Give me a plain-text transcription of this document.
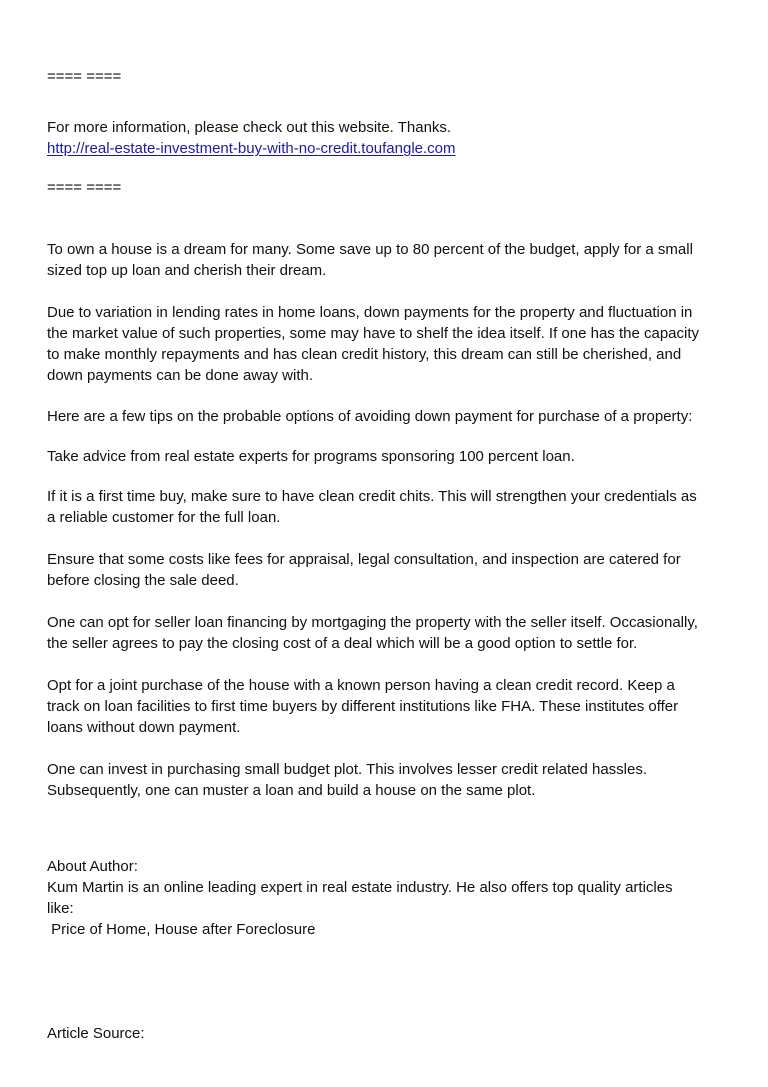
==== ====

For more information, please check out this website. Thanks.
http://real-estate-investment-buy-with-no-credit.toufangle.com

==== ====

To own a house is a dream for many. Some save up to 80 percent of the budget, apply for a small
sized top up loan and cherish their dream.

Due to variation in lending rates in home loans, down payments for the property and fluctuation in
the market value of such properties, some may have to shelf the idea itself. If one has the capacity
to make monthly repayments and has clean credit history, this dream can still be cherished, and
down payments can be done away with.

Here are a few tips on the probable options of avoiding down payment for purchase of a property:

Take advice from real estate experts for programs sponsoring 100 percent loan.

If it is a first time buy, make sure to have clean credit chits. This will strengthen your credentials as
a reliable customer for the full loan.

Ensure that some costs like fees for appraisal, legal consultation, and inspection are catered for
before closing the sale deed.

One can opt for seller loan financing by mortgaging the property with the seller itself. Occasionally,
the seller agrees to pay the closing cost of a deal which will be a good option to settle for.

Opt for a joint purchase of the house with a known person having a clean credit record. Keep a
track on loan facilities to first time buyers by different institutions like FHA. These institutes offer
loans without down payment.

One can invest in purchasing small budget plot. This involves lesser credit related hassles.
Subsequently, one can muster a loan and build a house on the same plot.

About Author:
Kum Martin is an online leading expert in real estate industry. He also offers top quality articles
like:
Price of Home, House after Foreclosure

Article Source:
